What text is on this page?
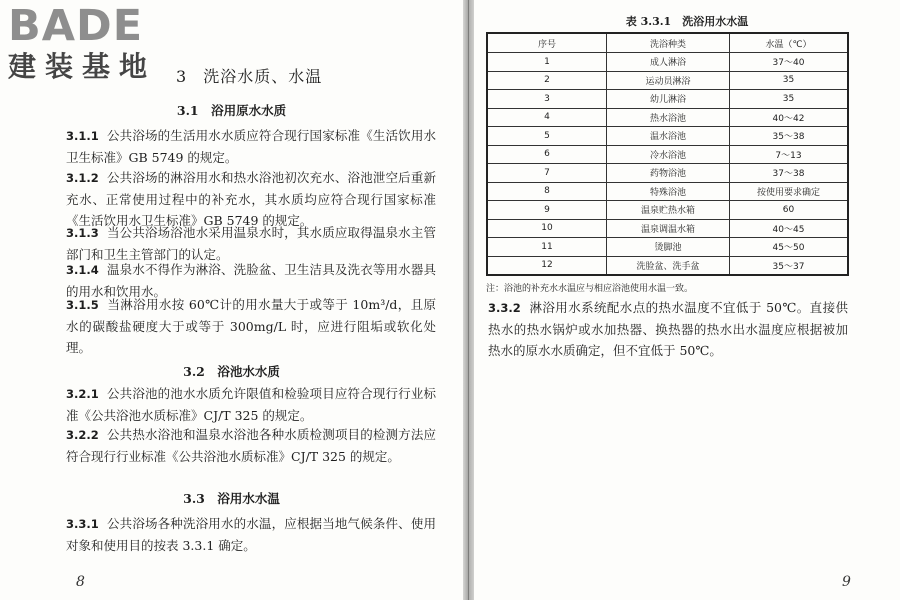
BADE
建装基地 3 洗浴水质、水温
3.1　浴用原水水质
3.1.1 公共浴场的生活用水水质应符合现行国家标准《生活饮用水卫生标准》GB 5749 的规定。
3.1.2 公共浴场的淋浴用水和热水浴池初次充水、浴池泄空后重新充水、正常使用过程中的补充水，其水质均应符合现行国家标准《生活饮用水卫生标准》GB 5749 的规定。
3.1.3 当公共浴场浴池水采用温泉水时，其水质应取得温泉水主管部门和卫生主管部门的认定。
3.1.4 温泉水不得作为淋浴、洗脸盆、卫生洁具及洗衣等用水器具的用水和饮用水。
3.1.5 当淋浴用水按 60℃计的用水量大于或等于 10m³/d，且原水的碳酸盐硬度大于或等于 300mg/L 时，应进行阻垢或软化处理。
3.2　浴池水水质
3.2.1 公共浴池的池水水质允许限值和检验项目应符合现行行业标准《公共浴池水质标准》CJ/T 325 的规定。
3.2.2 公共热水浴池和温泉水浴池各种水质检测项目的检测方法应符合现行行业标准《公共浴池水质标准》CJ/T 325 的规定。
3.3　浴用水水温
3.3.1 公共浴场各种洗浴用水的水温，应根据当地气候条件、使用对象和使用目的按表 3.3.1 确定。
8
表 3.3.1　洗浴用水水温
序号	洗浴种类	水温（℃）
1	成人淋浴	37～40
2	运动员淋浴	35
3	幼儿淋浴	35
4	热水浴池	40～42
5	温水浴池	35～38
6	冷水浴池	7～13
7	药物浴池	37～38
8	特殊浴池	按使用要求确定
9	温泉贮热水箱	60
10	温泉调温水箱	40～45
11	烫脚池	45～50
12	洗脸盆、洗手盆	35～37
注：浴池的补充水水温应与相应浴池使用水温一致。
3.3.2 淋浴用水系统配水点的热水温度不宜低于 50℃。直接供热水的热水锅炉或水加热器、换热器的热水出水温度应根据被加热水的原水水质确定，但不宜低于 50℃。
9
